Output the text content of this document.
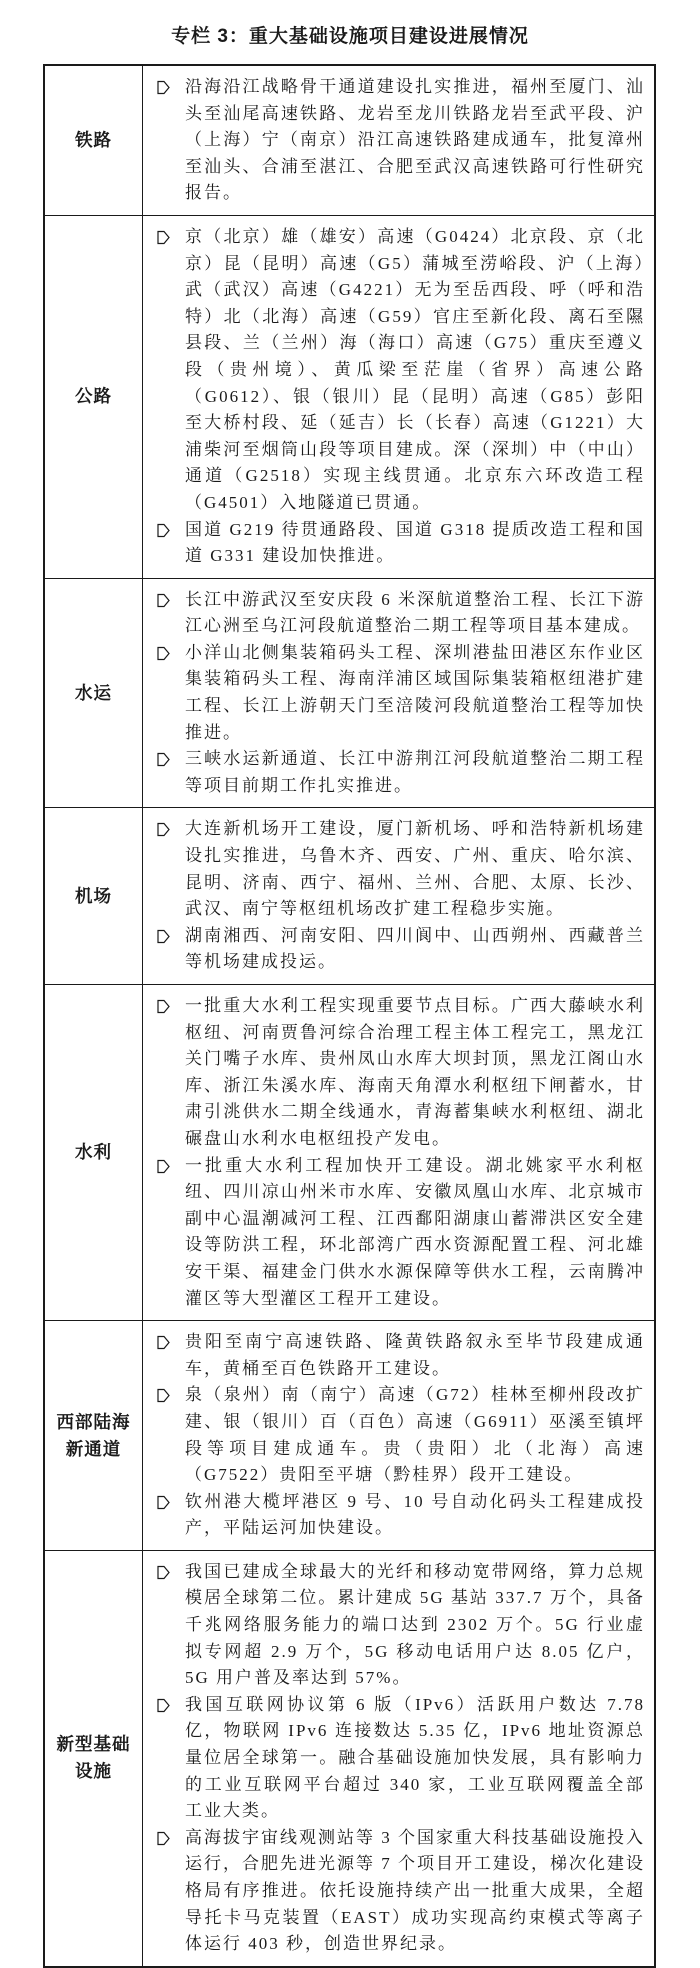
专栏 3：重大基础设施项目建设进展情况
铁路
沿海沿江战略骨干通道建设扎实推进，福州至厦门、汕头至汕尾高速铁路、龙岩至龙川铁路龙岩至武平段、沪（上海）宁（南京）沿江高速铁路建成通车，批复漳州至汕头、合浦至湛江、合肥至武汉高速铁路可行性研究报告。
公路
京（北京）雄（雄安）高速（G0424）北京段、京（北京）昆（昆明）高速（G5）蒲城至涝峪段、沪（上海）武（武汉）高速（G4221）无为至岳西段、呼（呼和浩特）北（北海）高速（G59）官庄至新化段、离石至隰县段、兰（兰州）海（海口）高速（G75）重庆至遵义段（贵州境）、黄瓜梁至茫崖（省界）高速公路（G0612）、银（银川）昆（昆明）高速（G85）彭阳至大桥村段、延（延吉）长（长春）高速（G1221）大浦柴河至烟筒山段等项目建成。深（深圳）中（中山）通道（G2518）实现主线贯通。北京东六环改造工程（G4501）入地隧道已贯通。
国道 G219 待贯通路段、国道 G318 提质改造工程和国道 G331 建设加快推进。
水运
长江中游武汉至安庆段 6 米深航道整治工程、长江下游江心洲至乌江河段航道整治二期工程等项目基本建成。
小洋山北侧集装箱码头工程、深圳港盐田港区东作业区集装箱码头工程、海南洋浦区域国际集装箱枢纽港扩建工程、长江上游朝天门至涪陵河段航道整治工程等加快推进。
三峡水运新通道、长江中游荆江河段航道整治二期工程等项目前期工作扎实推进。
机场
大连新机场开工建设，厦门新机场、呼和浩特新机场建设扎实推进，乌鲁木齐、西安、广州、重庆、哈尔滨、昆明、济南、西宁、福州、兰州、合肥、太原、长沙、武汉、南宁等枢纽机场改扩建工程稳步实施。
湖南湘西、河南安阳、四川阆中、山西朔州、西藏普兰等机场建成投运。
水利
一批重大水利工程实现重要节点目标。广西大藤峡水利枢纽、河南贾鲁河综合治理工程主体工程完工，黑龙江关门嘴子水库、贵州凤山水库大坝封顶，黑龙江阁山水库、浙江朱溪水库、海南天角潭水利枢纽下闸蓄水，甘肃引洮供水二期全线通水，青海蓄集峡水利枢纽、湖北碾盘山水利水电枢纽投产发电。
一批重大水利工程加快开工建设。湖北姚家平水利枢纽、四川凉山州米市水库、安徽凤凰山水库、北京城市副中心温潮减河工程、江西鄱阳湖康山蓄滞洪区安全建设等防洪工程，环北部湾广西水资源配置工程、河北雄安干渠、福建金门供水水源保障等供水工程，云南腾冲灌区等大型灌区工程开工建设。
西部陆海新通道
贵阳至南宁高速铁路、隆黄铁路叙永至毕节段建成通车，黄桶至百色铁路开工建设。
泉（泉州）南（南宁）高速（G72）桂林至柳州段改扩建、银（银川）百（百色）高速（G6911）巫溪至镇坪段等项目建成通车。贵（贵阳）北（北海）高速（G7522）贵阳至平塘（黔桂界）段开工建设。
钦州港大榄坪港区 9 号、10 号自动化码头工程建成投产，平陆运河加快建设。
新型基础设施
我国已建成全球最大的光纤和移动宽带网络，算力总规模居全球第二位。累计建成 5G 基站 337.7 万个，具备千兆网络服务能力的端口达到 2302 万个。5G 行业虚拟专网超 2.9 万个，5G 移动电话用户达 8.05 亿户，5G 用户普及率达到 57%。
我国互联网协议第 6 版（IPv6）活跃用户数达 7.78 亿，物联网 IPv6 连接数达 5.35 亿，IPv6 地址资源总量位居全球第一。融合基础设施加快发展，具有影响力的工业互联网平台超过 340 家，工业互联网覆盖全部工业大类。
高海拔宇宙线观测站等 3 个国家重大科技基础设施投入运行，合肥先进光源等 7 个项目开工建设，梯次化建设格局有序推进。依托设施持续产出一批重大成果，全超导托卡马克装置（EAST）成功实现高约束模式等离子体运行 403 秒，创造世界纪录。
